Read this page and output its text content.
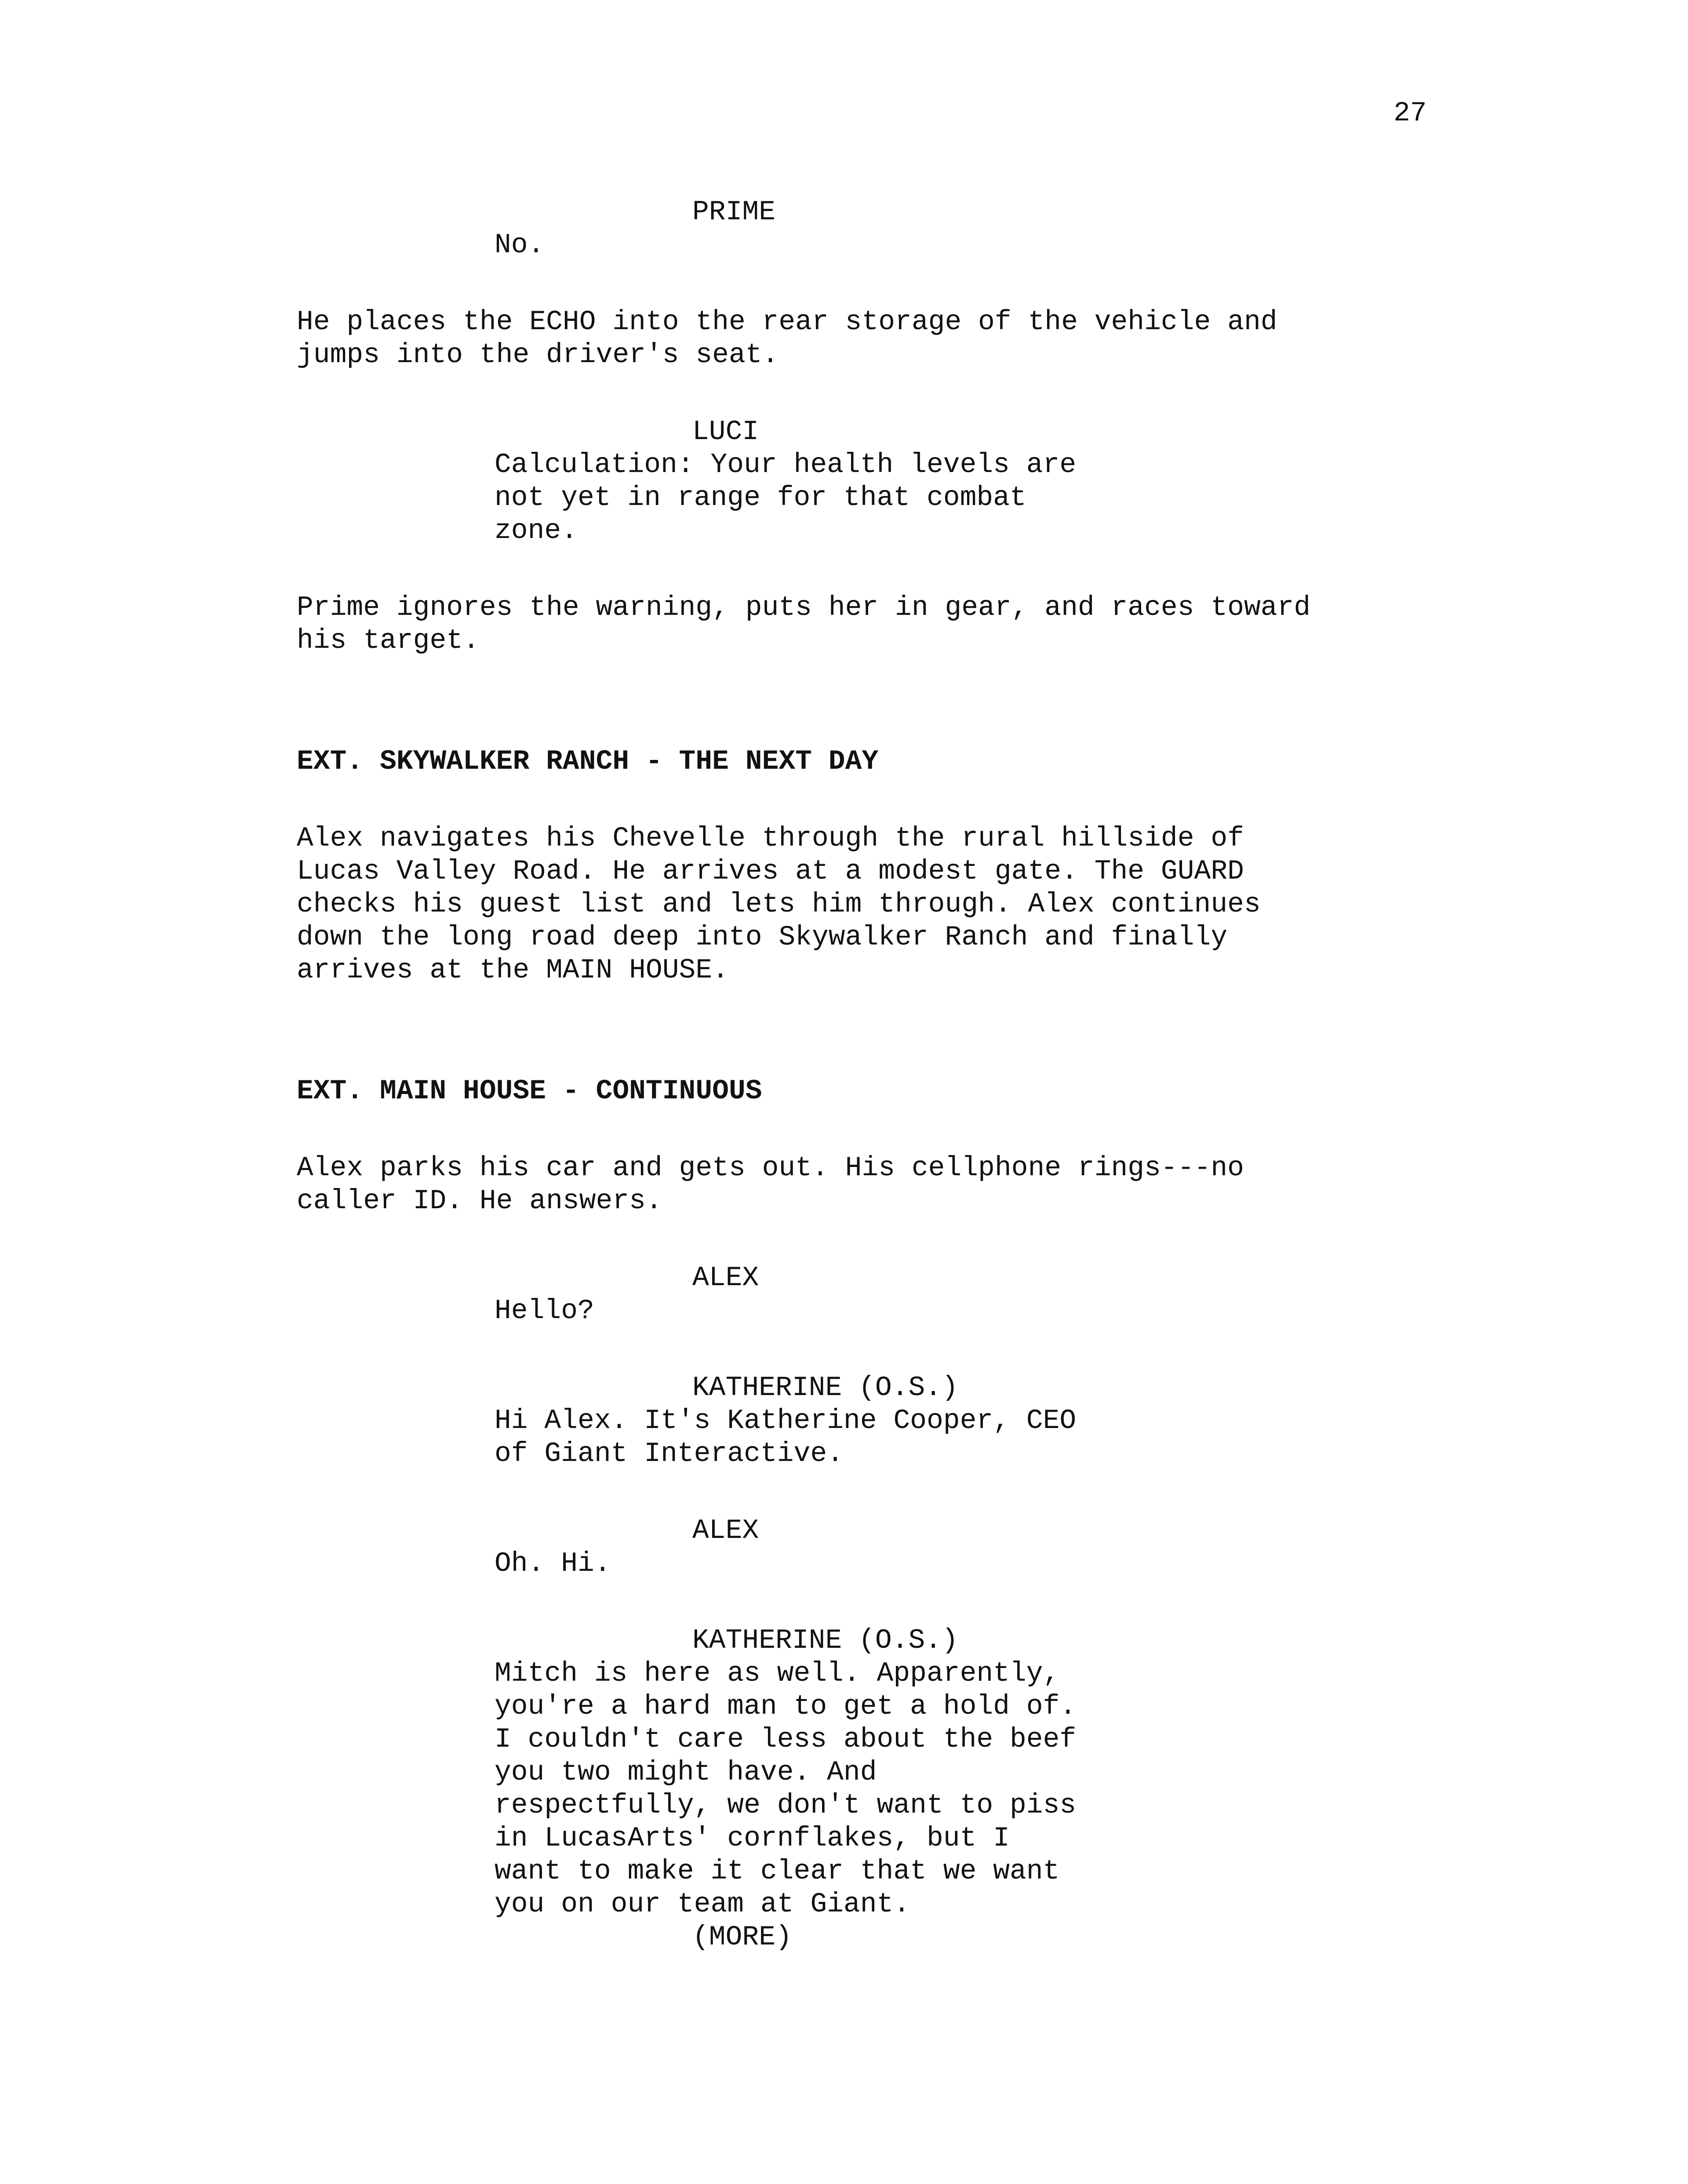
27
PRIME
No.
He places the ECHO into the rear storage of the vehicle and
jumps into the driver's seat.
LUCI
Calculation: Your health levels are
not yet in range for that combat
zone.
Prime ignores the warning, puts her in gear, and races toward
his target.
EXT. SKYWALKER RANCH - THE NEXT DAY
Alex navigates his Chevelle through the rural hillside of
Lucas Valley Road. He arrives at a modest gate. The GUARD
checks his guest list and lets him through. Alex continues
down the long road deep into Skywalker Ranch and finally
arrives at the MAIN HOUSE.
EXT. MAIN HOUSE - CONTINUOUS
Alex parks his car and gets out. His cellphone rings---no
caller ID. He answers.
ALEX
Hello?
KATHERINE (O.S.)
Hi Alex. It's Katherine Cooper, CEO
of Giant Interactive.
ALEX
Oh. Hi.
KATHERINE (O.S.)
Mitch is here as well. Apparently,
you're a hard man to get a hold of.
I couldn't care less about the beef
you two might have. And
respectfully, we don't want to piss
in LucasArts' cornflakes, but I
want to make it clear that we want
you on our team at Giant.
(MORE)
